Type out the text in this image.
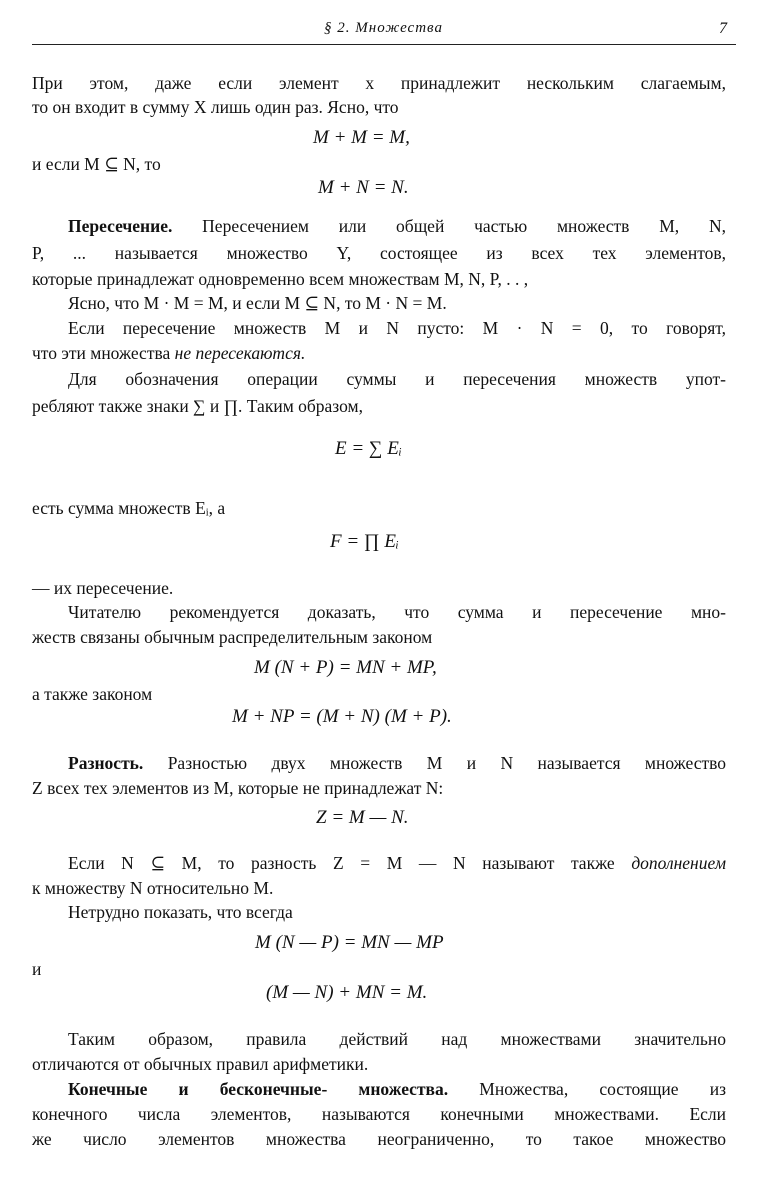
§ 2. Множества	7
При этом, даже если элемент x принадлежит нескольким слагаемым,
то он входит в сумму X лишь один раз. Ясно, что
M + M = M,
и если M ⊆ N, то
M + N = N.
Пересечение. Пересечением или общей частью множеств M, N,
P, ... называется множество Y, состоящее из всех тех элементов,
которые принадлежат одновременно всем множествам M, N, P, . . ,
Ясно, что M · M = M, и если M ⊆ N, то M · N = M.
Если пересечение множеств M и N пусто: M · N = 0, то говорят,
что эти множества не пересекаются.
Для обозначения операции суммы и пересечения множеств упот-
ребляют также знаки ∑ и ∏. Таким образом,
E = ∑ Eᵢ
есть сумма множеств Eᵢ, а
F = ∏ Eᵢ
— их пересечение.
Читателю рекомендуется доказать, что сумма и пересечение мно-
жеств связаны обычным распределительным законом
M (N + P) = MN + MP,
а также законом
M + NP = (M + N) (M + P).
Разность. Разностью двух множеств M и N называется множество
Z всех тех элементов из M, которые не принадлежат N:
Z = M — N.
Если N ⊆ M, то разность Z = M — N называют также дополнением
к множеству N относительно M.
Нетрудно показать, что всегда
M (N — P) = MN — MP
и
(M — N) + MN = M.
Таким образом, правила действий над множествами значительно
отличаются от обычных правил арифметики.
Конечные и бесконечные- множества. Множества, состоящие из
конечного числа элементов, называются конечными множествами. Если
же число элементов множества неограниченно, то такое множество
